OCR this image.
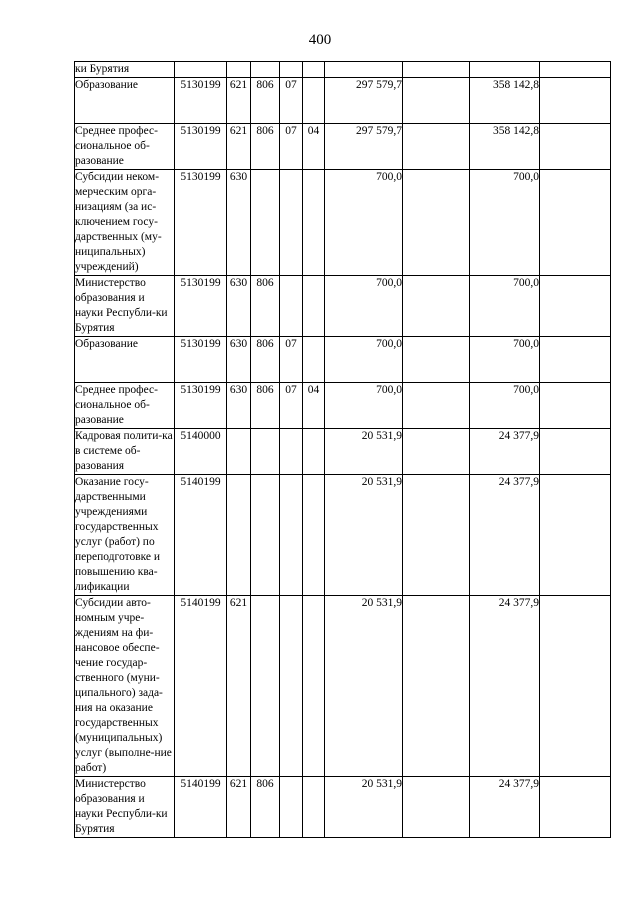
400
ки Бурятия									
Образование	5130199	621	806	07		297 579,7		358 142,8	
Среднее профес-сиональное об-разование	5130199	621	806	07	04	297 579,7		358 142,8	
Субсидии неком-мерческим орга-низациям (за ис-ключением госу-дарственных (му-ниципальных) учреждений)	5130199	630				700,0		700,0	
Министерство образования и науки Республи-ки Бурятия	5130199	630	806			700,0		700,0	
Образование	5130199	630	806	07		700,0		700,0	
Среднее профес-сиональное об-разование	5130199	630	806	07	04	700,0		700,0	
Кадровая полити-ка в системе об-разования	5140000					20 531,9		24 377,9	
Оказание госу-дарственными учреждениями государственных услуг (работ) по переподготовке и повышению ква-лификации	5140199					20 531,9		24 377,9	
Субсидии авто-номным учре-ждениям на фи-нансовое обеспе-чение государ-ственного (муни-ципального) зада-ния на оказание государственных (муниципальных) услуг (выполне-ние работ)	5140199	621				20 531,9		24 377,9	
Министерство образования и науки Республи-ки Бурятия	5140199	621	806			20 531,9		24 377,9	
